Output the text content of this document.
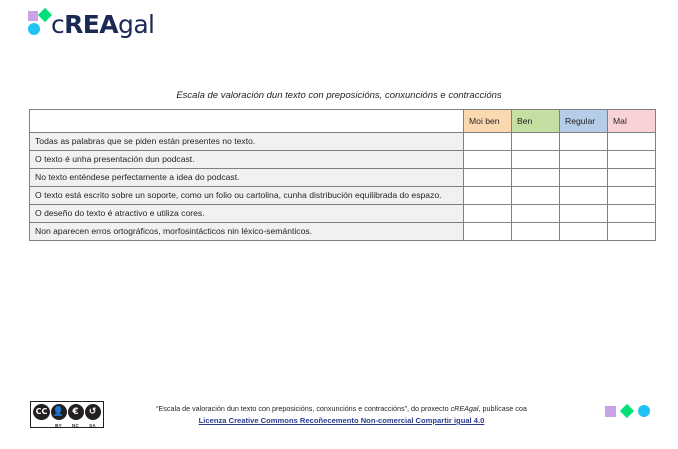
cREAgal
Escala de valoración dun texto con preposicións, conxuncións e contraccións
	Moi ben	Ben	Regular	Mal
Todas as palabras que se piden están presentes no texto.				
O texto é unha presentación dun podcast.				
No texto enténdese perfectamente a idea do podcast.				
O texto está escrito sobre un soporte, como un folio ou cartolina, cunha distribución equilibrada do espazo.				
O deseño do texto é atractivo e utiliza cores.				
Non aparecen erros ortográficos, morfosintácticos nin léxico-semánticos.				
CC 👤
BY
€
NC
↺
SA
“Escala de valoración dun texto con preposicións, conxuncións e contraccións”, do proxecto cREAgal, publícase coa
Licenza Creative Commons Recoñecemento Non-comercial Compartir igual 4.0
